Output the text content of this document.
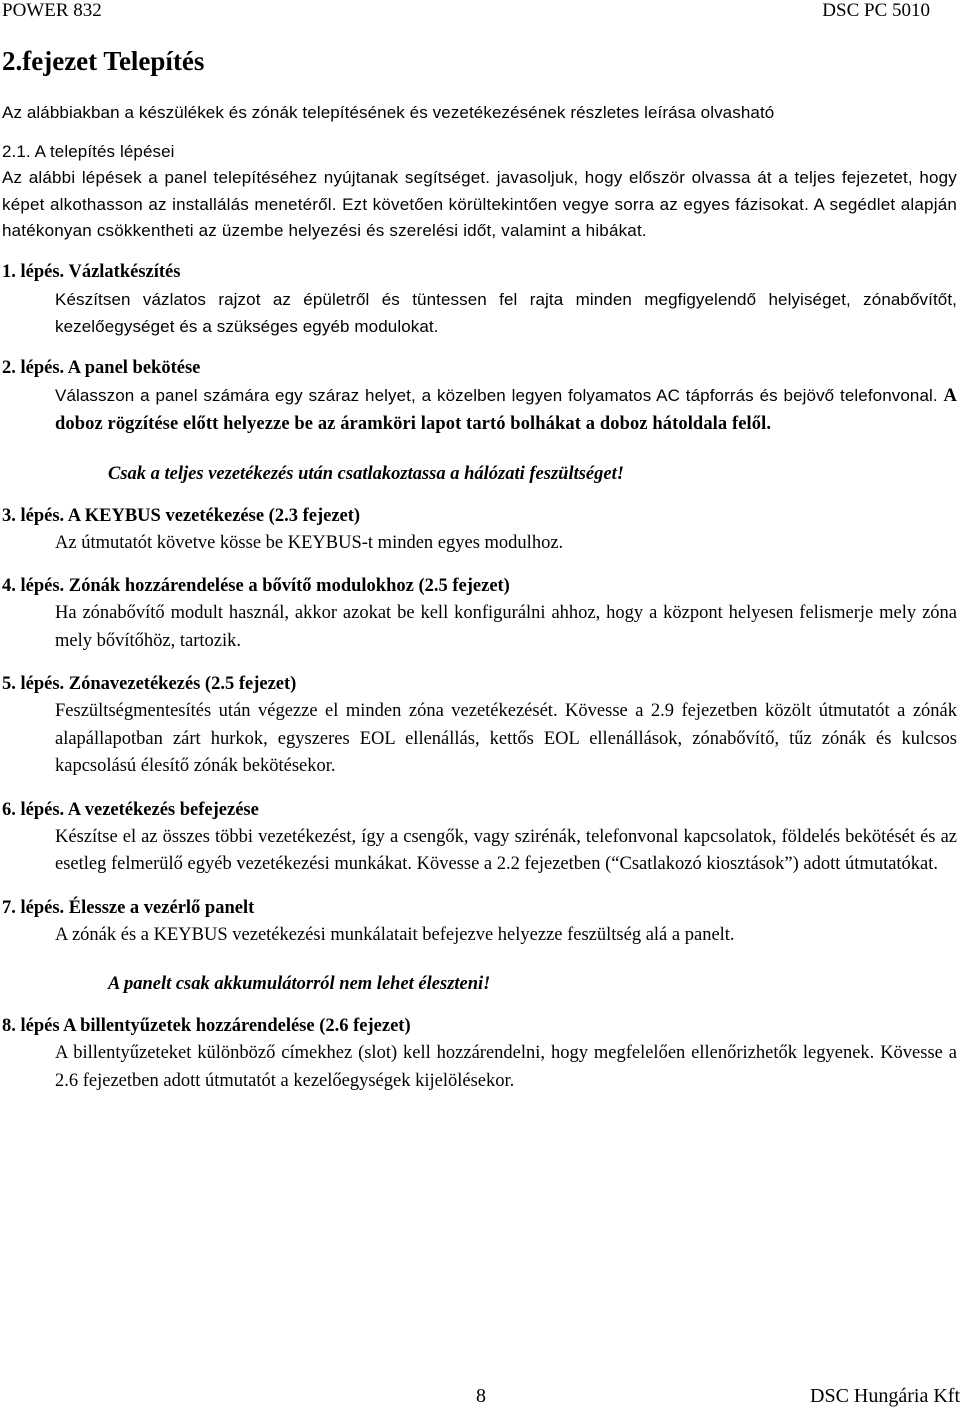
POWER 832	DSC PC 5010
2.fejezet Telepítés
Az alábbiakban a készülékek és zónák telepítésének és vezetékezésének részletes leírása olvasható
2.1. A telepítés lépései
Az alábbi lépések a panel telepítéséhez nyújtanak segítséget. javasoljuk, hogy először olvassa át a teljes fejezetet, hogy képet alkothasson az installálás menetéről. Ezt követően körültekintően vegye sorra az egyes fázisokat. A segédlet alapján hatékonyan csökkentheti az üzembe helyezési és szerelési időt, valamint a hibákat.
1. lépés. Vázlatkészítés
Készítsen vázlatos rajzot az épületről és tüntessen fel rajta minden megfigyelendő helyiséget, zónabővítőt, kezelőegységet és a szükséges egyéb modulokat.
2. lépés. A panel bekötése
Válasszon a panel számára egy száraz helyet, a közelben legyen folyamatos AC tápforrás és bejövő telefonvonal. A doboz rögzítése előtt helyezze be az áramköri lapot tartó bolhákat a doboz hátoldala felől.
Csak a teljes vezetékezés után csatlakoztassa a hálózati feszültséget!
3. lépés. A KEYBUS vezetékezése (2.3 fejezet)
Az útmutatót követve kösse be KEYBUS-t minden egyes modulhoz.
4. lépés. Zónák hozzárendelése a bővítő modulokhoz (2.5 fejezet)
Ha zónabővítő modult használ, akkor azokat be kell konfigurálni ahhoz, hogy a központ helyesen felismerje mely zóna mely bővítőhöz, tartozik.
5. lépés. Zónavezetékezés (2.5 fejezet)
Feszültségmentesítés után végezze el minden zóna vezetékezését. Kövesse a 2.9 fejezetben közölt útmutatót a zónák alapállapotban zárt hurkok, egyszeres EOL ellenállás, kettős EOL ellenállások, zónabővítő, tűz zónák és kulcsos kapcsolású élesítő zónák bekötésekor.
6. lépés. A vezetékezés befejezése
Készítse el az összes többi vezetékezést, így a csengők, vagy szirénák, telefonvonal kapcsolatok, földelés bekötését és az esetleg felmerülő egyéb vezetékezési munkákat. Kövesse a 2.2 fejezetben (“Csatlakozó kiosztások”) adott útmutatókat.
7. lépés. Élessze a vezérlő panelt
A zónák és a KEYBUS vezetékezési munkálatait befejezve helyezze feszültség alá a panelt.
A panelt csak akkumulátorról nem lehet éleszteni!
8. lépés A billentyűzetek hozzárendelése (2.6 fejezet)
A billentyűzeteket különböző címekhez (slot) kell hozzárendelni, hogy megfelelően ellenőrizhetők legyenek. Kövesse a 2.6 fejezetben adott útmutatót a kezelőegységek kijelölésekor.
8	DSC Hungária Kft
